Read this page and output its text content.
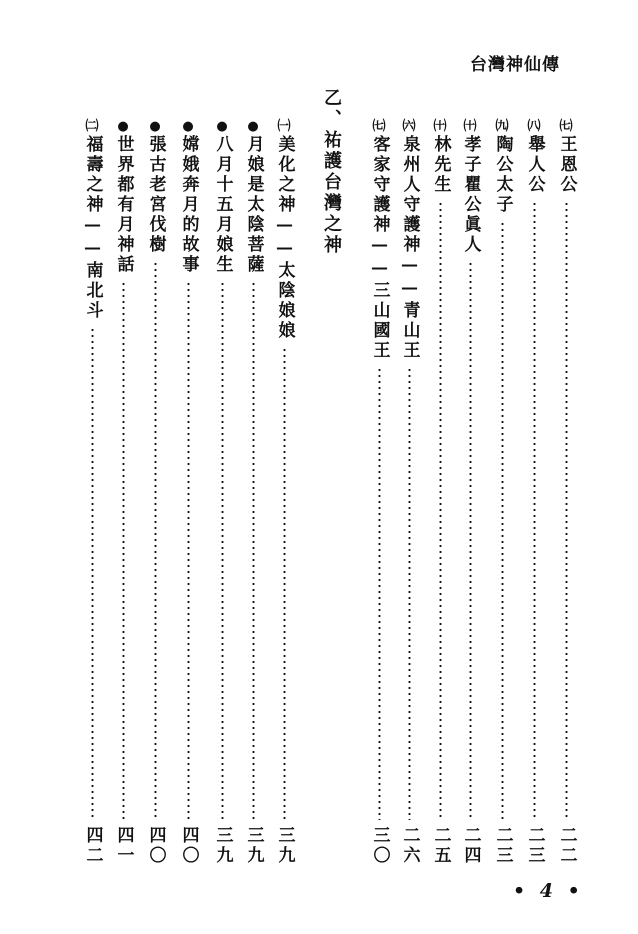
台灣神仙傳
㈦
王恩公
二二
㈧
舉人公
二三
㈨
陶公太子
二三
㈩
孝子瞿公眞人
二四
㈩
林先生
二五
㈥
泉州人守護神——青山王
二六
㈦
客家守護神——三山國王
三〇
乙、祐護台灣之神
㈠
美化之神——太陰娘娘
三九
●
月娘是太陰菩薩
三九
●
八月十五月娘生
三九
●
嫦娥奔月的故事
四〇
●
張古老宮伐樹
四〇
●
世界都有月神話
四一
㈡
福壽之神——南北斗
四二
• 4 •
